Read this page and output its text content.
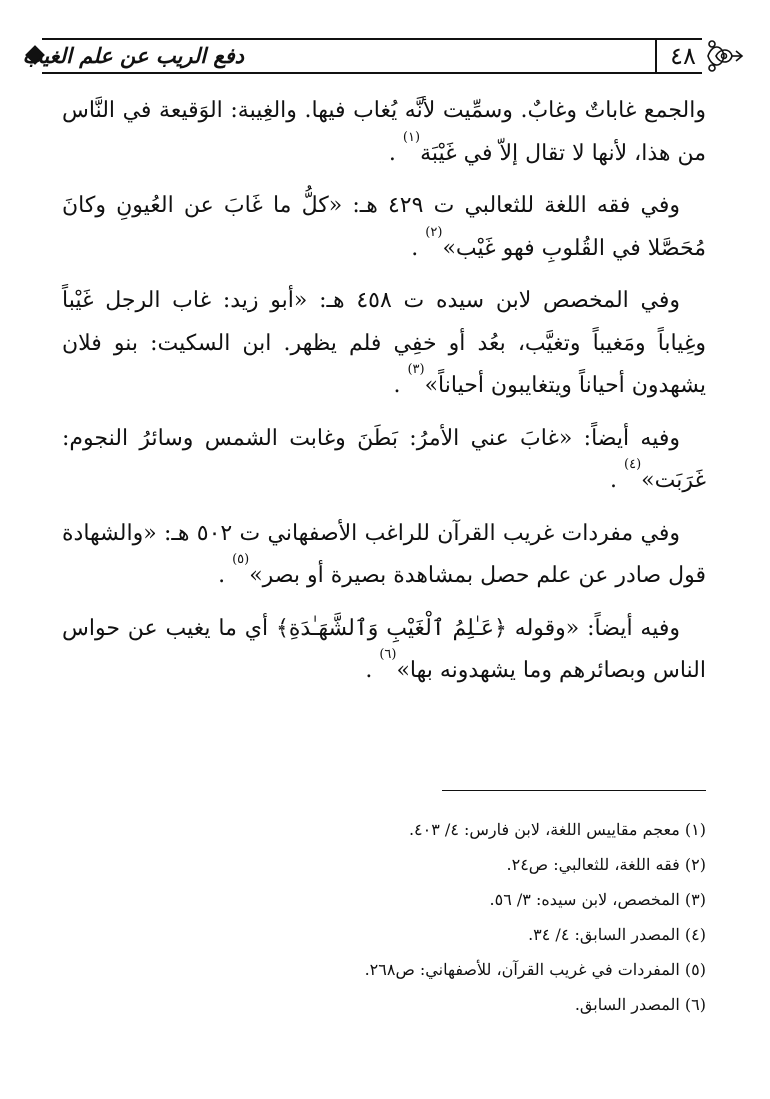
دفع الريب عن علم الغيب	٤٨

والجمع غاباتٌ وغابٌ. وسمِّيت لأنَّه يُغاب فيها. والغِيبة: الوَقيعة في النَّاس من هذا، لأنها لا تقال إلاّ في غَيْبَة$^{(١)}$ .

وفي فقه اللغة للثعالبي ت ٤٢٩ هـ: «كلُّ ما غَابَ عن العُيونِ وكانَ مُحَصَّلا في القُلوبِ فهو غَيْب»$^{(٢)}$ .

وفي المخصص لابن سيده ت ٤٥٨ هـ: «أبو زيد: غاب الرجل غَيْباً وغِياباً ومَغيباً وتغيَّب، بعُد أو خفِي فلم يظهر. ابن السكيت: بنو فلان يشهدون أحياناً ويتغايبون أحياناً»$^{(٣)}$ .

وفيه أيضاً: «غابَ عني الأمرُ: بَطَنَ وغابت الشمس وسائرُ النجوم: غَرَبَت»$^{(٤)}$ .

وفي مفردات غريب القرآن للراغب الأصفهاني ت ٥٠٢ هـ: «والشهادة قول صادر عن علم حصل بمشاهدة بصيرة أو بصر»$^{(٥)}$ .

وفيه أيضاً: «وقوله ﴿عَـٰلِمُ ٱلْغَيْبِ وَٱلشَّهَـٰدَةِ﴾ أي ما يغيب عن حواس الناس وبصائرهم وما يشهدونه بها»$^{(٦)}$ .

(١) معجم مقاييس اللغة، لابن فارس: ٤/ ٤٠٣.

(٢) فقه اللغة، للثعالبي: ص٢٤.

(٣) المخصص، لابن سيده: ٣/ ٥٦.

(٤) المصدر السابق: ٤/ ٣٤.

(٥) المفردات في غريب القرآن، للأصفهاني: ص٢٦٨.

(٦) المصدر السابق.
